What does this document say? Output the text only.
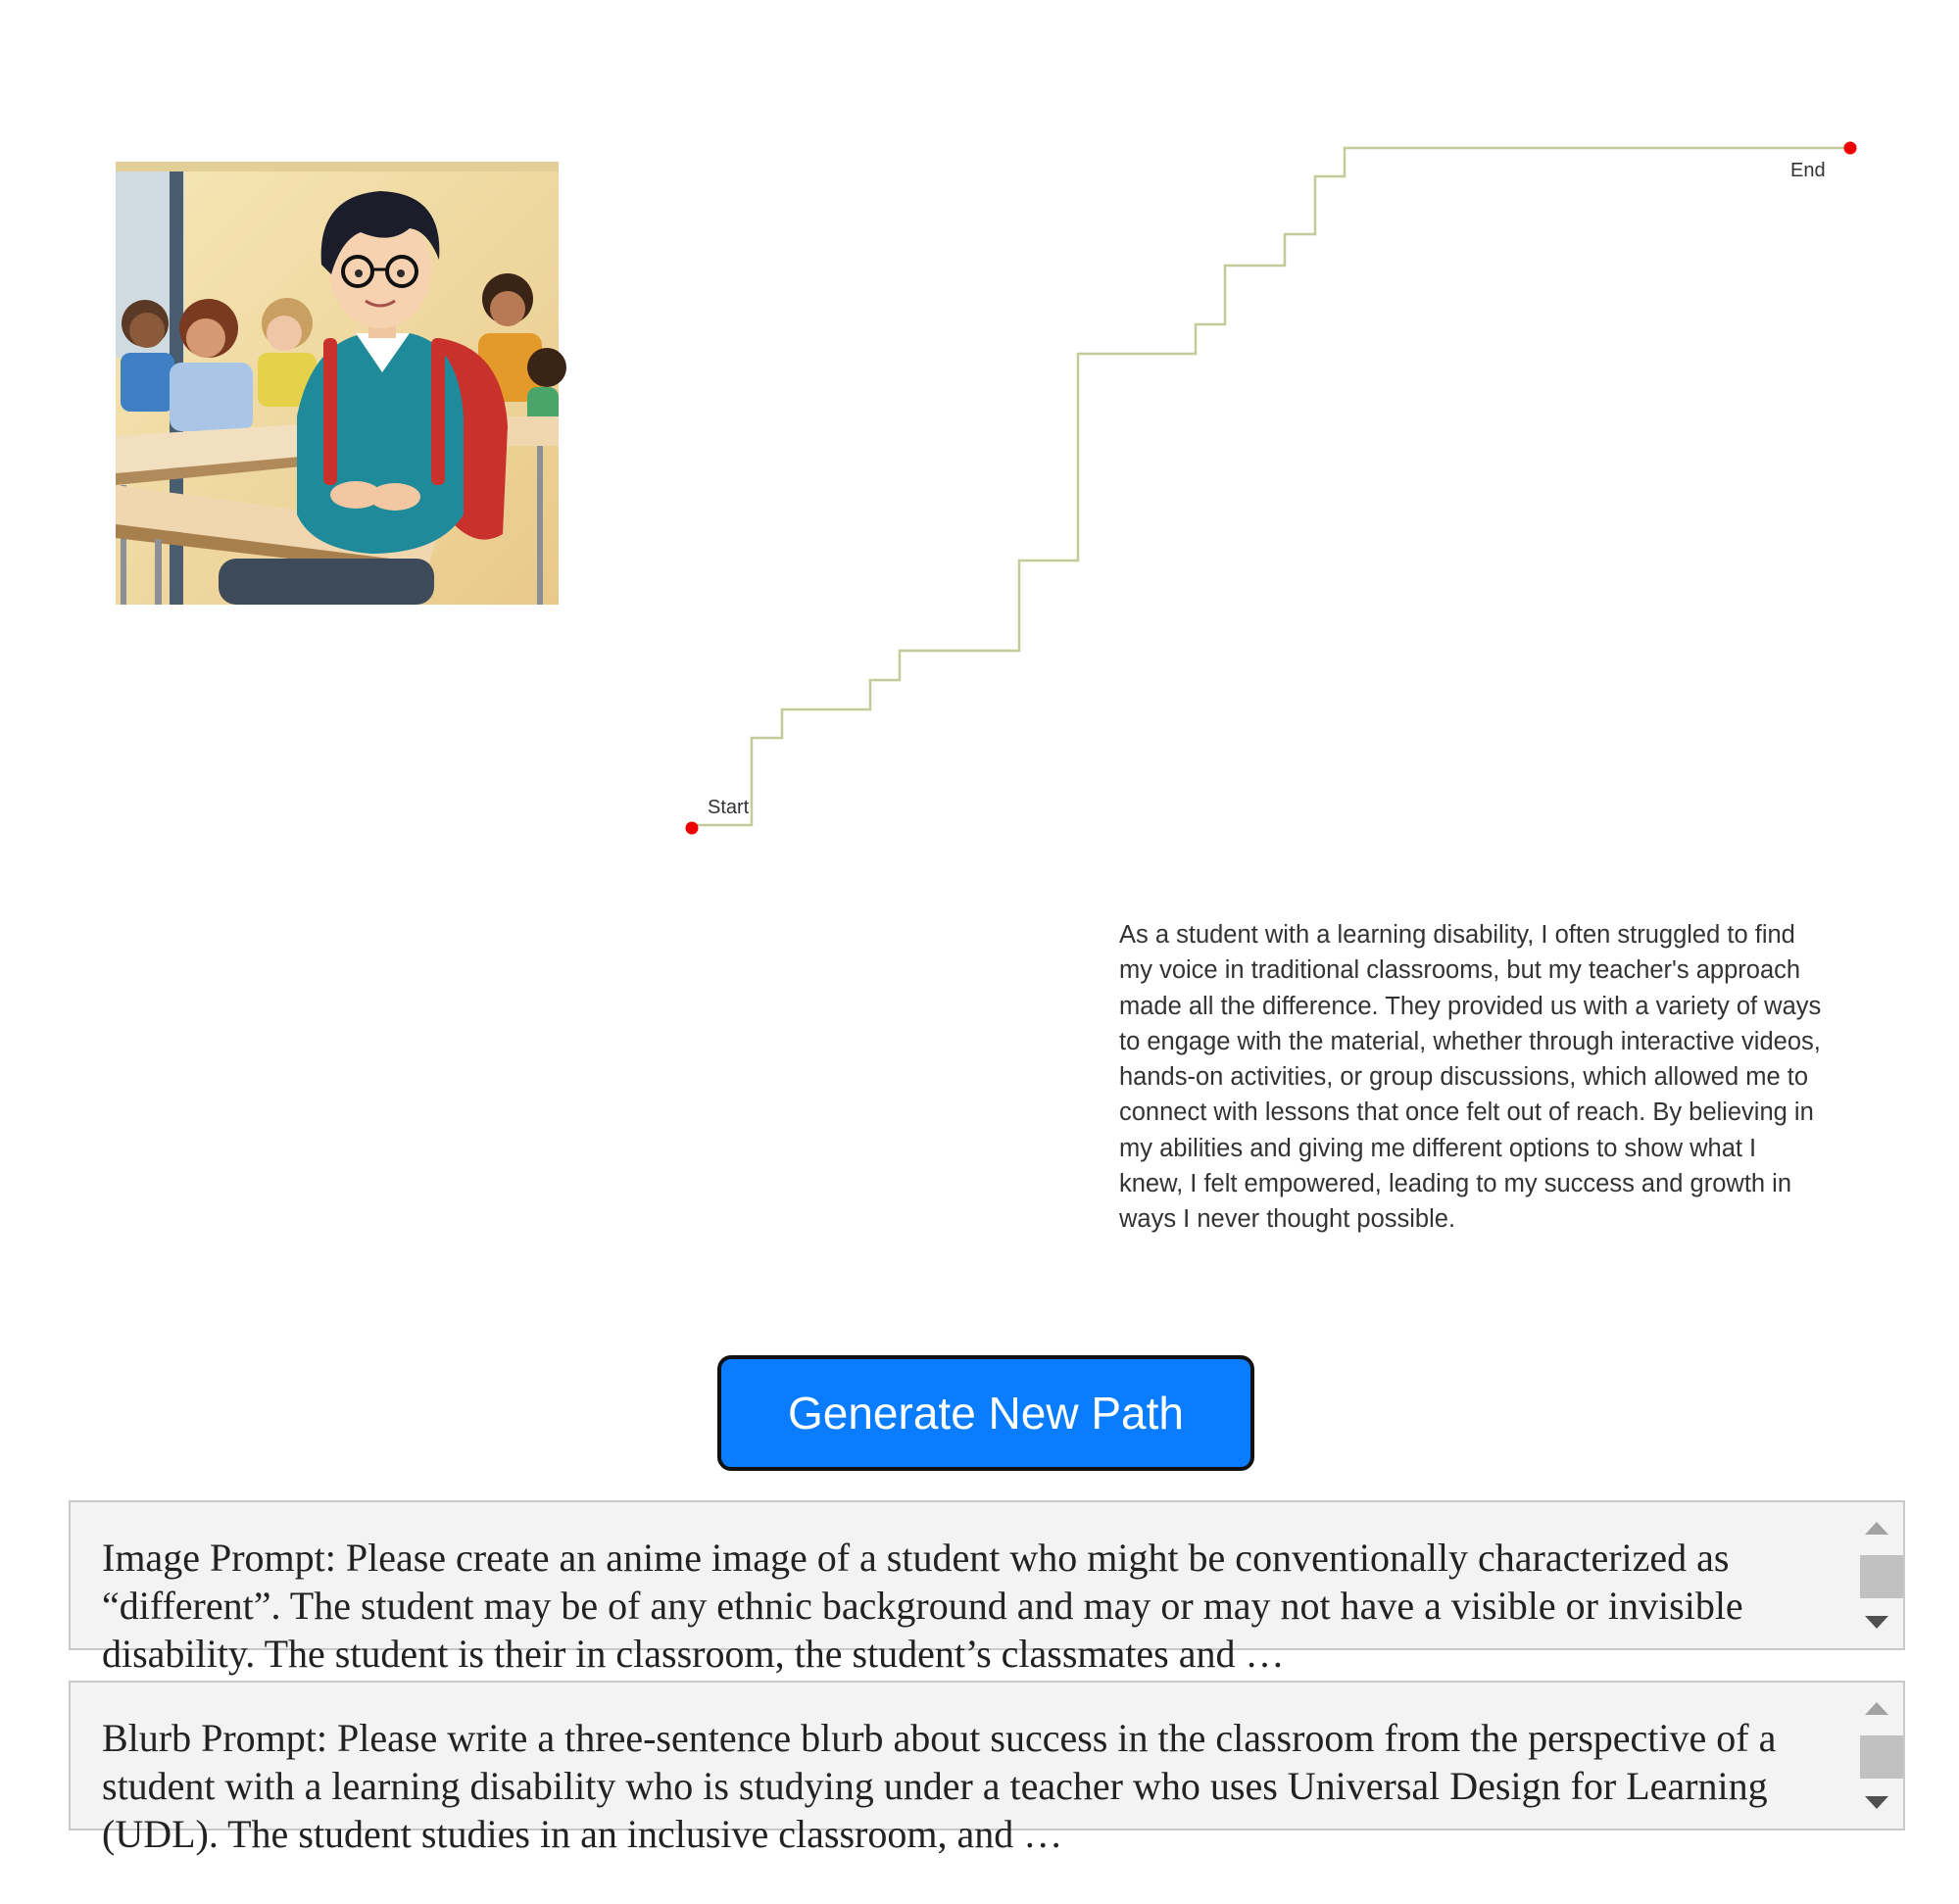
Start
End

As a student with a learning disability, I often struggled to find my voice in traditional classrooms, but my teacher's approach made all the difference. They provided us with a variety of ways to engage with the material, whether through interactive videos, hands-on activities, or group discussions, which allowed me to connect with lessons that once felt out of reach. By believing in my abilities and giving me different options to show what I knew, I felt empowered, leading to my success and growth in ways I never thought possible.

Generate New Path

Image Prompt: Please create an anime image of a student who might be conventionally characterized as “different”. The student may be of any ethnic background and may or may not have a visible or invisible disability. The student is their in classroom, the student’s classmates and …

Blurb Prompt: Please write a three-sentence blurb about success in the classroom from the perspective of a student with a learning disability who is studying under a teacher who uses Universal Design for Learning (UDL). The student studies in an inclusive classroom, and …
